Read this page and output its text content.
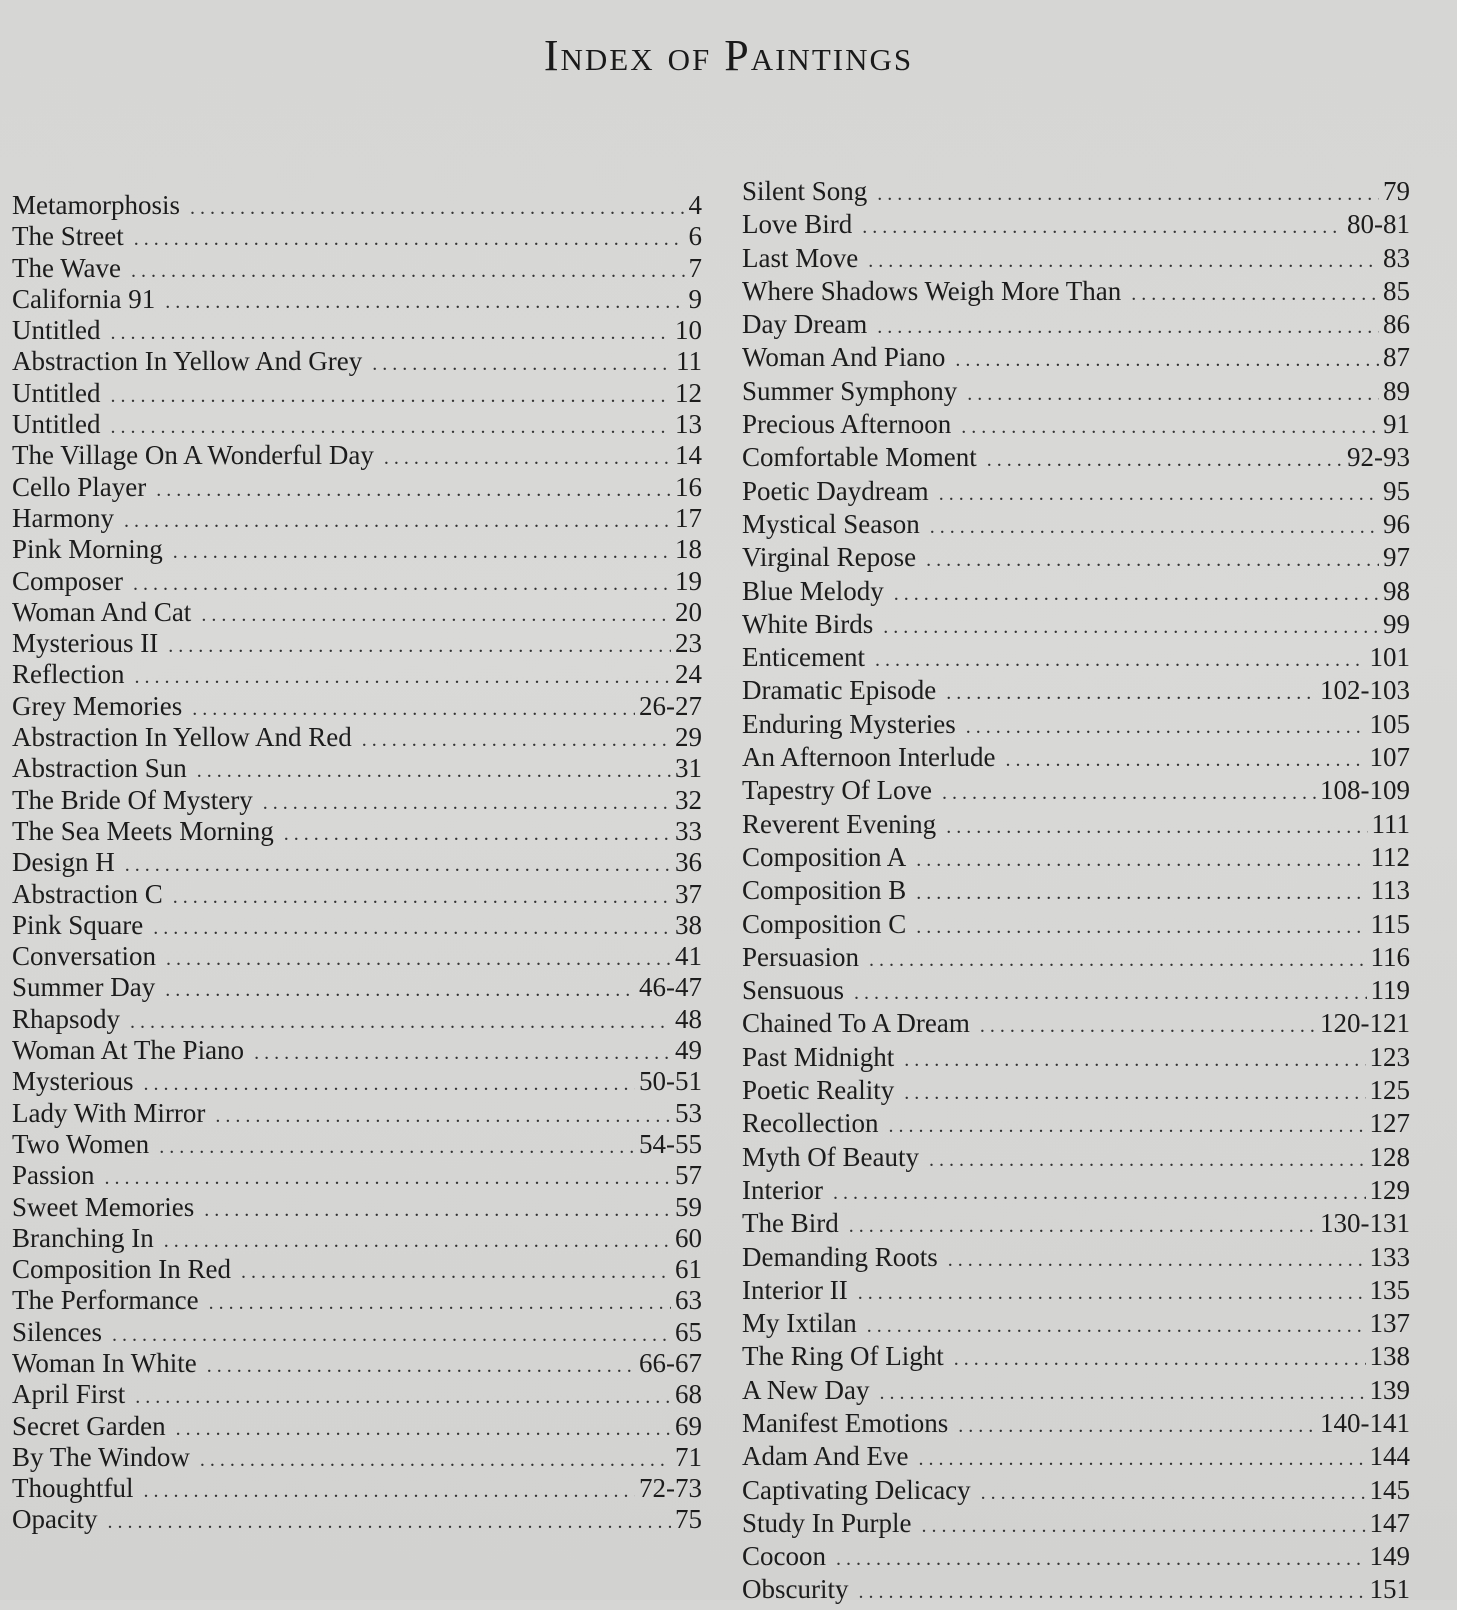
Index of Paintings
Metamorphosis . . .	4
The Street . . .	6
The Wave . . .	7
California 91 . . .	9
Untitled . . .	10
Abstraction In Yellow And Grey . . .	11
Untitled . . .	12
Untitled . . .	13
The Village On A Wonderful Day . . .	14
Cello Player . . .	16
Harmony . . .	17
Pink Morning . . .	18
Composer . . .	19
Woman And Cat . . .	20
Mysterious II . . .	23
Reflection . . .	24
Grey Memories . . .	26-27
Abstraction In Yellow And Red . . .	29
Abstraction Sun . . .	31
The Bride Of Mystery . . .	32
The Sea Meets Morning . . .	33
Design H . . .	36
Abstraction C . . .	37
Pink Square . . .	38
Conversation . . .	41
Summer Day . . .	46-47
Rhapsody . . .	48
Woman At The Piano . . .	49
Mysterious . . .	50-51
Lady With Mirror . . .	53
Two Women . . .	54-55
Passion . . .	57
Sweet Memories . . .	59
Branching In . . .	60
Composition In Red . . .	61
The Performance . . .	63
Silences . . .	65
Woman In White . . .	66-67
April First . . .	68
Secret Garden . . .	69
By The Window . . .	71
Thoughtful . . .	72-73
Opacity . . .	75
Silent Song . . .	79
Love Bird . . .	80-81
Last Move . . .	83
Where Shadows Weigh More Than . . .	85
Day Dream . . .	86
Woman And Piano . . .	87
Summer Symphony . . .	89
Precious Afternoon . . .	91
Comfortable Moment . . .	92-93
Poetic Daydream . . .	95
Mystical Season . . .	96
Virginal Repose . . .	97
Blue Melody . . .	98
White Birds . . .	99
Enticement . . .	101
Dramatic Episode . . .	102-103
Enduring Mysteries . . .	105
An Afternoon Interlude . . .	107
Tapestry Of Love . . .	108-109
Reverent Evening . . .	111
Composition A . . .	112
Composition B . . .	113
Composition C . . .	115
Persuasion . . .	116
Sensuous . . .	119
Chained To A Dream . . .	120-121
Past Midnight . . .	123
Poetic Reality . . .	125
Recollection . . .	127
Myth Of Beauty . . .	128
Interior . . .	129
The Bird . . .	130-131
Demanding Roots . . .	133
Interior II . . .	135
My Ixtilan . . .	137
The Ring Of Light . . .	138
A New Day . . .	139
Manifest Emotions . . .	140-141
Adam And Eve . . .	144
Captivating Delicacy . . .	145
Study In Purple . . .	147
Cocoon . . .	149
Obscurity . . .	151
